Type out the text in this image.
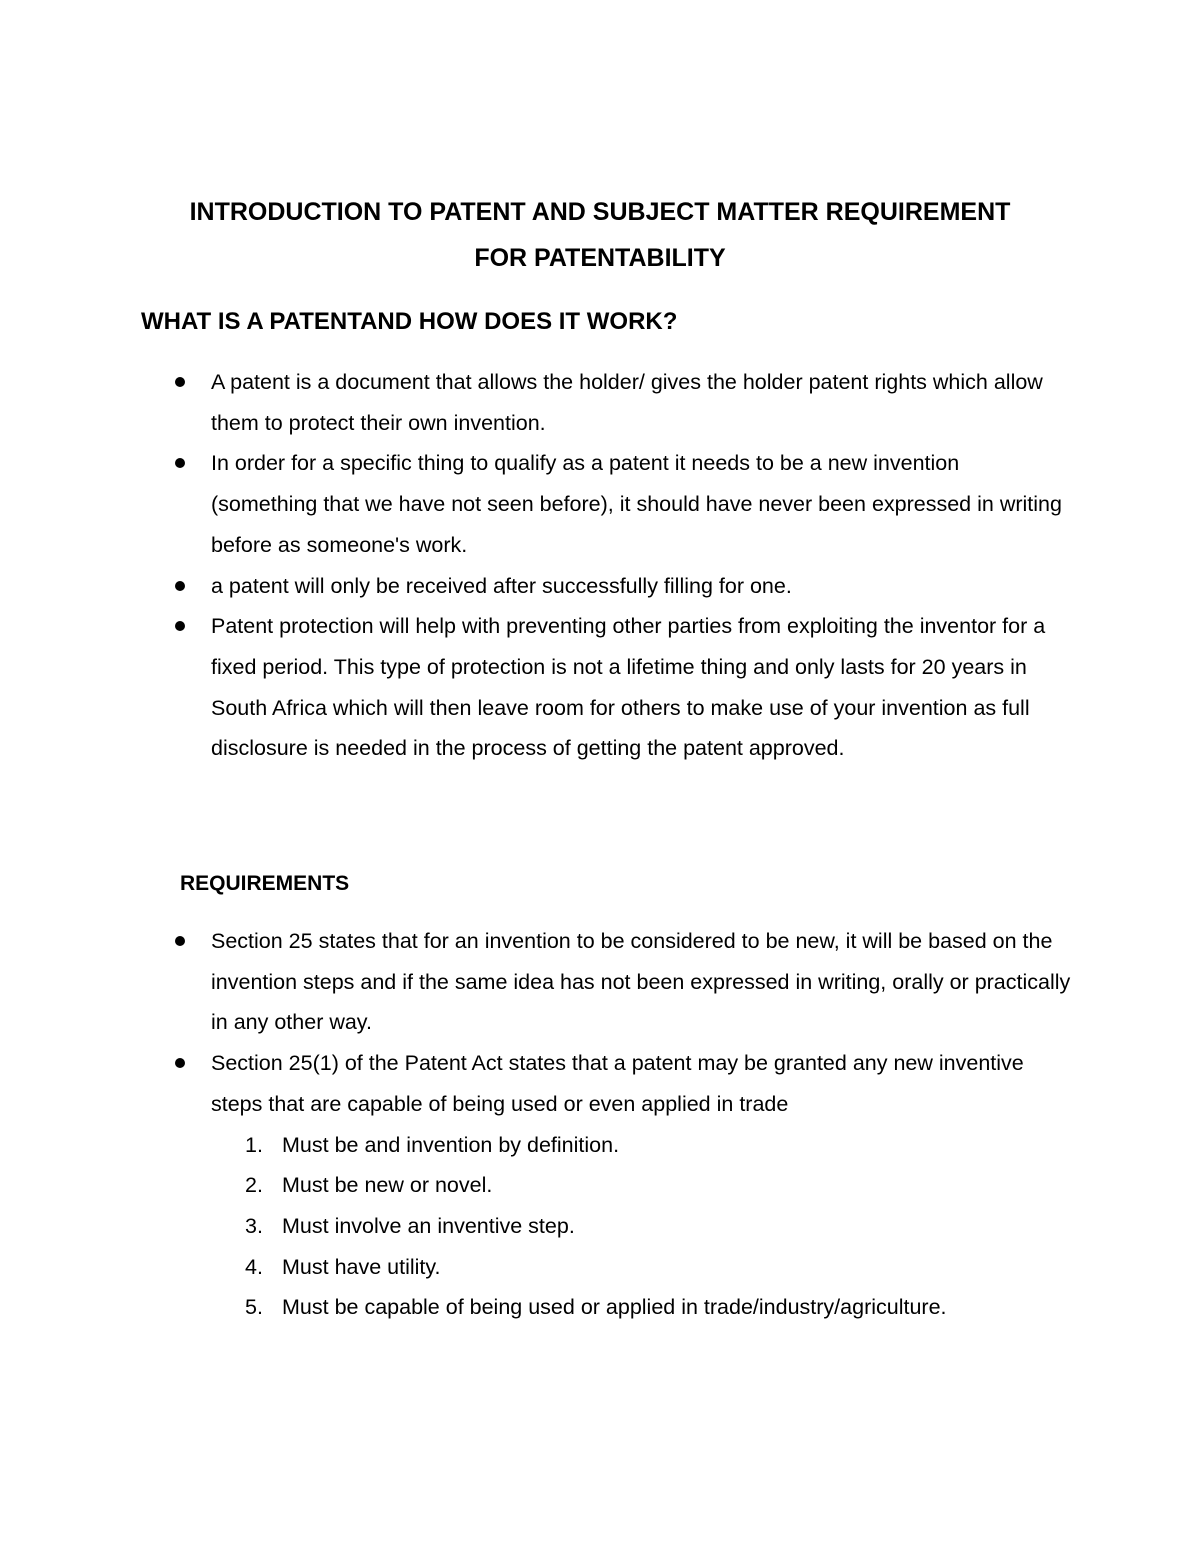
INTRODUCTION TO PATENT AND SUBJECT MATTER REQUIREMENT
FOR PATENTABILITY
WHAT IS A PATENTAND HOW DOES IT WORK?
A patent is a document that allows the holder/ gives the holder patent rights which allow them to protect their own invention.
In order for a specific thing to qualify as a patent it needs to be a new invention (something that we have not seen before), it should have never been expressed in writing before as someone's work.
a patent will only be received after successfully filling for one.
Patent protection will help with preventing other parties from exploiting the inventor for a fixed period. This type of protection is not a lifetime thing and only lasts for 20 years in South Africa which will then leave room for others to make use of your invention as full disclosure is needed in the process of getting the patent approved.
REQUIREMENTS
Section 25 states that for an invention to be considered to be new, it will be based on the invention steps and if the same idea has not been expressed in writing, orally or practically in any other way.
Section 25(1) of the Patent Act states that a patent may be granted any new inventive steps that are capable of being used or even applied in trade
1. Must be and invention by definition.
2. Must be new or novel.
3. Must involve an inventive step.
4. Must have utility.
5. Must be capable of being used or applied in trade/industry/agriculture.
